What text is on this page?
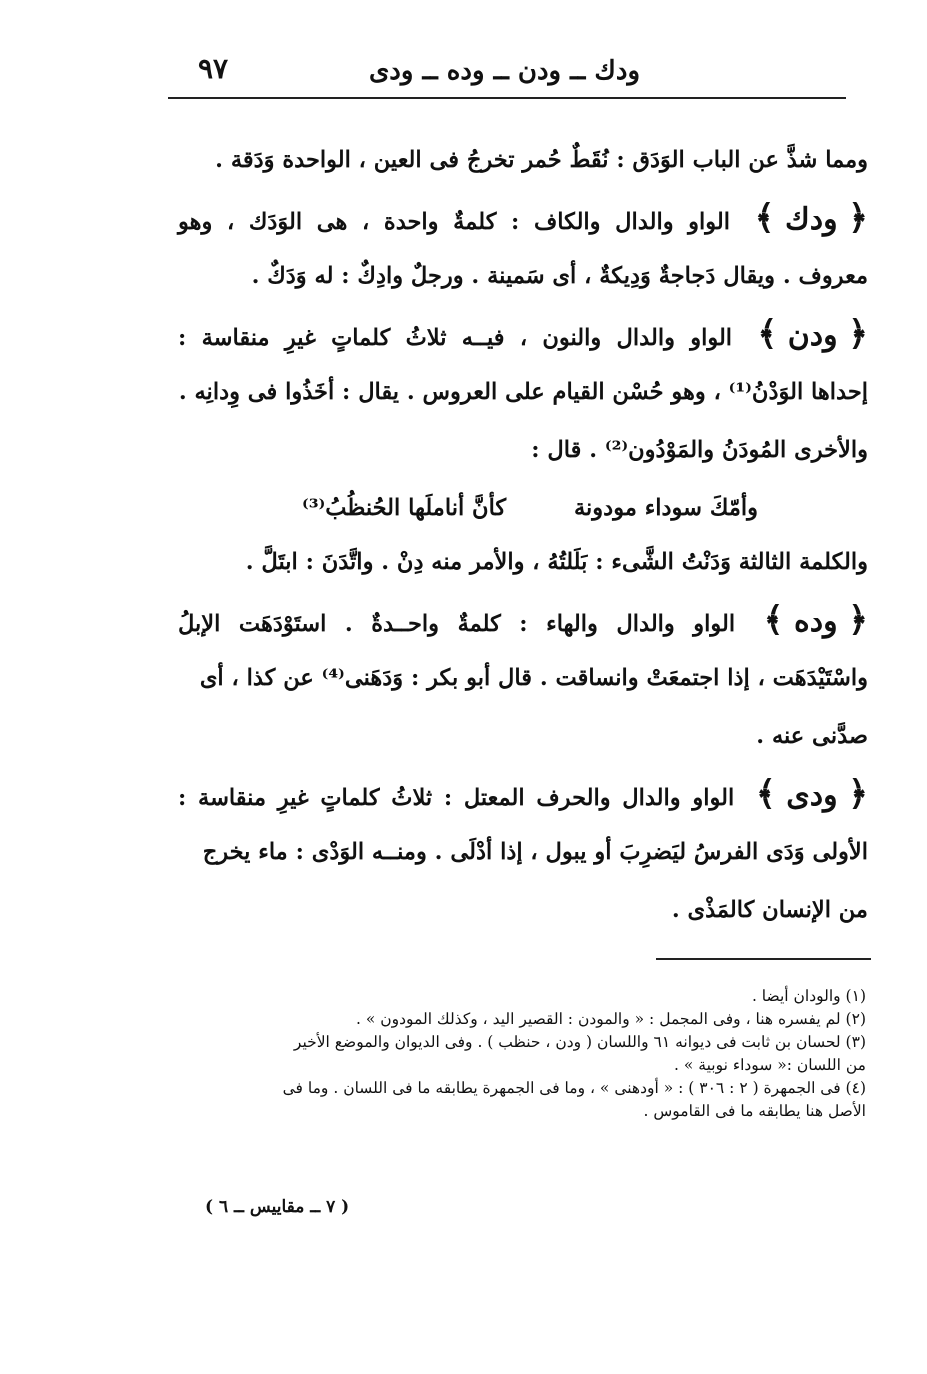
ودك ــ ودن ــ وده ــ ودى
٩٧
ومما شذَّ عن الباب الوَدَق : نُقَطٌ حُمر تخرجُ فى العين ، الواحدة وَدَقة .
﴿ ودك ﴾ الواو والدال والكاف : كلمةٌ واحدة ، هى الوَدَك ، وهو
معروف . ويقال دَجاجةٌ وَدِيكةٌ ، أى سَمينة . ورجلٌ وادِكٌ : له وَدَكٌ .
﴿ ودن ﴾ الواو والدال والنون ، فيــه ثلاثُ كلماتٍ غيرِ منقاسة :
إحداها الوَدْنُ⁽¹⁾ ، وهو حُسْن القيام على العروس . يقال : أخَذُوا فى وِدانِه .
والأخرى المُودَنُ والمَوْدُون⁽²⁾ . قال :
وأمّكَ سوداء مودونة كأنَّ أناملَها الحُنظُبُ⁽³⁾
والكلمة الثالثة وَدَنْتُ الشَّىء : بَلَلتُهُ ، والأمر منه دِنْ . واتَّدَنَ : ابتَلَّ .
﴿ وده ﴾ الواو والدال والهاء : كلمةٌ واحــدةٌ . استَوْدَهَت الإبلُ
واسْتَيْدَهَت ، إذا اجتمعَتْ وانساقت . قال أبو بكر : وَدَهَنى⁽⁴⁾ عن كذا ، أى
صدَّنى عنه .
﴿ ودى ﴾ الواو والدال والحرف المعتل : ثلاثُ كلماتٍ غيرِ منقاسة :
الأولى وَدَى الفرسُ ليَضرِبَ أو يبول ، إذا أدْلَى . ومنــه الوَدْى : ماء يخرج
من الإنسان كالمَذْى .
(١) والودان أيضا .
(٢) لم يفسره هنا ، وفى المجمل : « والمودن : القصير اليد ، وكذلك المودون » .
(٣) لحسان بن ثابت فى ديوانه ٦١ واللسان ( ودن ، حنظب ) . وفى الديوان والموضع الأخير
من اللسان :« سوداء نوبية » .
(٤) فى الجمهرة ( ٢ : ٣٠٦ ) : « أودهنى » ، وما فى الجمهرة يطابقه ما فى اللسان . وما فى
الأصل هنا يطابقه ما فى القاموس .
( ٧ ــ مقاييس ــ ٦ )
